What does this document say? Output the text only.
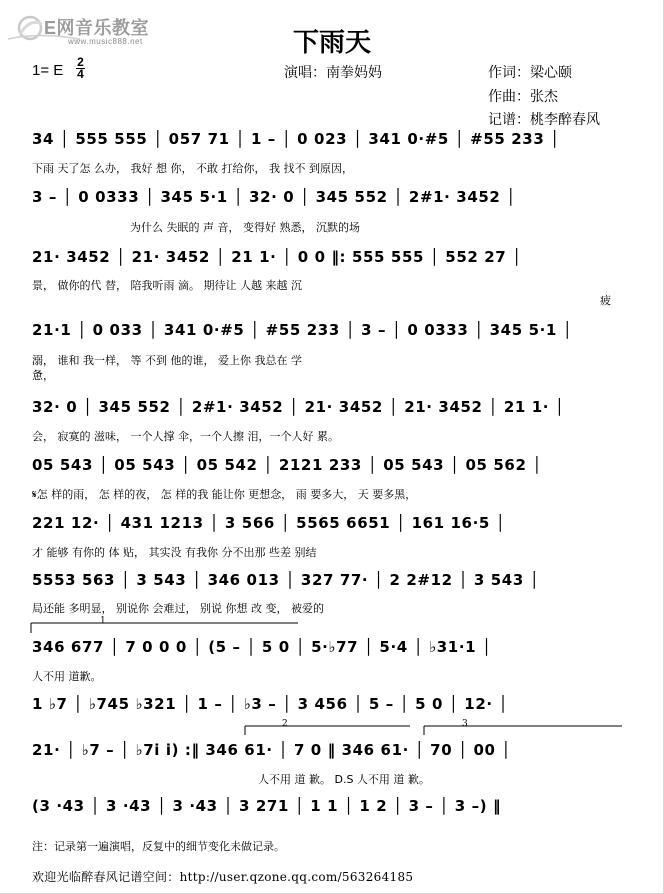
E网音乐教室
www.music888.net	下雨天
1= E 2
4	演唱：南拳妈妈	作词：梁心颐
作曲：张杰
记谱：桃李醉春风
34 │ 555 555 │ 057 71 │ 1 – │ 0 023 │ 341 0·#5 │ #55 233 │
下雨 天了怎 么办， 我好 想 你， 不敢 打给你， 我 找不 到原因，
3 – │ 0 0333 │ 345 5·1 │ 32· 0 │ 345 552 │ 2#1· 3452 │
为什么 失眠的 声 音， 变得好 熟悉， 沉默的场
21· 3452 │ 21· 3452 │ 21 1· │ 0 0 ‖: 555 555 │ 552 27 │
景， 做你的代 替， 陪我听雨 滴。 期待让 人越 来越 沉
疲
21·1 │ 0 033 │ 341 0·#5 │ #55 233 │ 3 – │ 0 0333 │ 345 5·1 │
溺， 谁和 我一样， 等 不到 他的谁， 爱上你 我总在 学
惫，
32· 0 │ 345 552 │ 2#1· 3452 │ 21· 3452 │ 21· 3452 │ 21 1· │
会， 寂寞的 滋味， 一个人撑 伞，一个人擦 泪，一个人好 累。
05 543 │ 05 543 │ 05 542 │ 2121 233 │ 05 543 │ 05 562 │
𝄋怎 样的雨， 怎 样的夜， 怎 样的我 能让你 更想念， 雨 要多大， 天 要多黑，
221 12· │ 431 1213 │ 3 566 │ 5565 6651 │ 161 16·5 │
才 能够 有你的 体 贴， 其实没 有我你 分不出那 些差 别结
5553 563 │ 3 543 │ 346 013 │ 327 77· │ 2 2#12 │ 3 543 │
局还能 多明显， 别说你 会难过， 别说 你想 改 变， 被爱的
1
346 677 │ 7 0 0 0 │ (5 – │ 5 0 │ 5·♭77 │ 5·4 │ ♭31·1 │
人不用 道歉。
1 ♭7 │ ♭745 ♭321 │ 1 – │ ♭3 – │ 3 456 │ 5 – │ 5 0 │ 12· │
2	3
21· │ ♭7 – │ ♭7i i) :‖ 346 61· │ 7 0 ‖ 346 61· │ 70 │ 00 │
人不用 道 歉。 D.S 人不用 道 歉。
(3 ·43 │ 3 ·43 │ 3 ·43 │ 3 271 │ 1 1 │ 1 2 │ 3 – │ 3 –) ‖
注：记录第一遍演唱，反复中的细节变化未做记录。
欢迎光临醉春风记谱空间：http://user.qzone.qq.com/563264185
